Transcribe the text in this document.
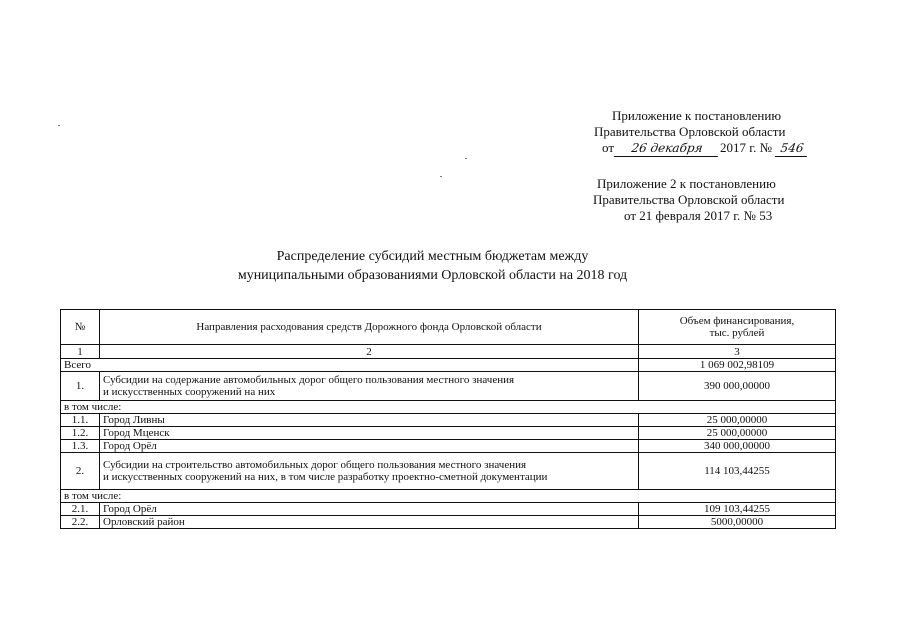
Приложение к постановлению
Правительства Орловской области
от 26 декабря 2017 г. № 546
Приложение 2 к постановлению
Правительства Орловской области
от 21 февраля 2017 г. № 53
Распределение субсидий местным бюджетам между
муниципальными образованиями Орловской области на 2018 год
№	Направления расходования средств Дорожного фонда Орловской области	Объем финансирования,
тыс. рублей
1	2	3
Всего		1 069 002,98109
1.	Субсидии на содержание автомобильных дорог общего пользования местного значения
и искусственных сооружений на них	390 000,00000
в том числе:		
1.1.	Город Ливны	25 000,00000
1.2.	Город Мценск	25 000,00000
1.3.	Город Орёл	340 000,00000
2.	Субсидии на строительство автомобильных дорог общего пользования местного значения
и искусственных сооружений на них, в том числе разработку проектно-сметной документации	114 103,44255
в том числе:		
2.1.	Город Орёл	109 103,44255
2.2.	Орловский район	5000,00000
